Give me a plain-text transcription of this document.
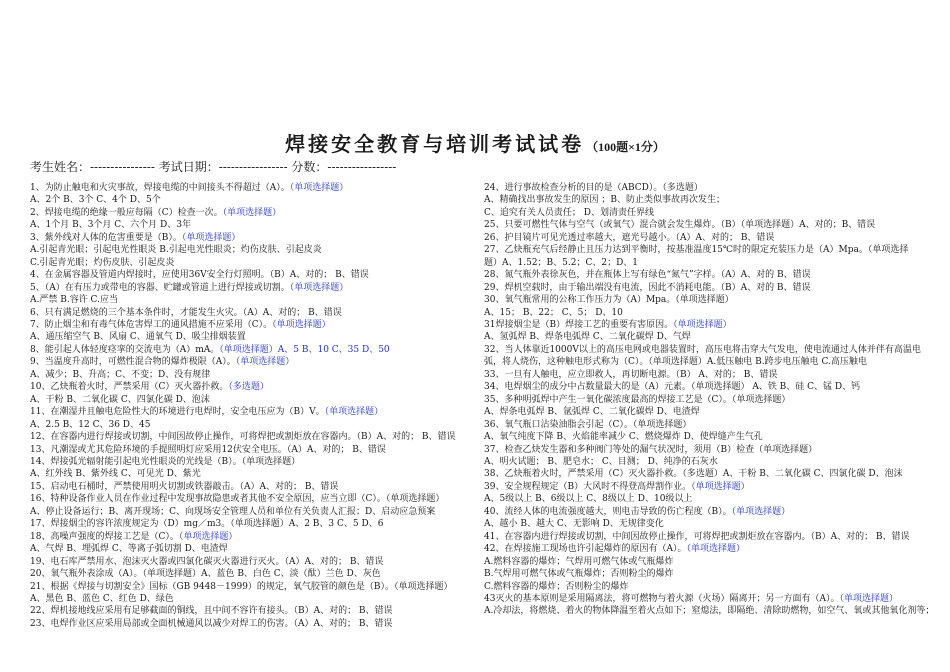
焊接安全教育与培训考试试卷 （100题×1分）
考生姓名：---------------- 考试日期：----------------- 分数：-----------------
1、为防止触电和火灾事故，焊接电缆的中间接头不得超过（A）。（单项选择题）
A、2个 B、3个 C、4个 D、5个
2、焊接电缆的绝缘一般应每隔（C）检查一次。（单项选择题）
A、1个月 B、3个月 C、六个月 D、3年
3、紫外线对人体的危害重要是（B）。（单项选择题）
A.引起青光眼；引起电光性眼炎 B.引起电光性眼炎；灼伤皮肤、引起皮炎
C.引起青光眼；灼伤皮肤、引起皮炎
4、在金属容器及管道内焊接时，应使用36V安全行灯照明。（B）A、对的； B、错误
5、（A）在有压力或带电的容器、贮罐或管道上进行焊接或切割。（单项选择题）
A.严禁 B.容许 C.应当
6、只有满足燃烧的三个基本条件时，才能发生火灾。（A）A、对的； B、错误
7、防止烟尘和有毒气体危害焊工的通风措施不应采用（C）。（单项选择题）
A、通压缩空气 B、风扇 C、通氧气 D、吸尘排烟装置
8、能引起人体轻度痉挛的交流电为（A）mA。（单项选择题）A、5 B、10 C、35 D、50
9、当温度升高时，可燃性混合物的爆炸极限（A）。（单项选择题）
A、减少；B、升高；C、不变；D、没有规律
10、乙炔瓶着火时，严禁采用（C）灭火器扑救。（多选题）
A、干粉 B、二氧化碳 C、四氯化碳 D、泡沫
11、在潮湿并且触电危险性大的环境进行电焊时，安全电压应为（B）V。（单项选择题）
A、2.5 B、12 C、36 D、45
12、在容器内进行焊接或切割，中间因故停止操作，可将焊把或割炬放在容器内。（B）A、对的； B、错误
13、凡潮湿或尤其危险环境的手提照明灯应采用12伏安全电压。（A）A、对的； B、错误
14、焊接弧光辐射能引起电光性眼炎的光线是（B）。（单项选择题）
A、红外线 B、紫外线 C、可见光 D、紫光
15、启动电石桶时，严禁使用明火切割或铁器敲击。（A）A、对的； B、错误
16、特种设备作业人员在作业过程中发现事故隐患或者其他不安全原因，应当立即（C）。（单项选择题）
A、停止设备运行；B、离开现场；C、向现场安全管理人员和单位有关负责人汇报；D、启动应急预案
17、焊接烟尘的容许浓度规定为（D）mg／m3。（单项选择题）A、2 B、3 C、5 D、6
18、高噪声强度的焊接工艺是（C）。（单项选择题）
A、气焊 B、埋弧焊 C、等离子弧切割 D、电渣焊
19、电石库严禁用水、泡沫灭火器或四氯化碳灭火器进行灭火。（A）A、对的； B、错误
20、氧气瓶外表涂成（A）。（单项选择题）A、蓝色 B、白色 C、淡（酞）兰色 D、灰色
21、根据《焊接与切割安全》国标（GB 9448－1999）的规定，氧气胶管的颜色是（B）。（单项选择题）
A、黑色 B、蓝色 C、红色 D、绿色
22、焊机接地线应采用有足够截面的铜线，且中间不容许有接头。（B）A、对的； B、错误
23、电焊作业区应采用局部或全面机械通风以减少对焊工的伤害。（A）A、对的； B、错误
24、进行事故检查分析的目的是（ABCD）。（多选题）
A、精确找出事故发生的原因 ；B、防止类似事故再次发生；
C、追究有关人员责任； D、划清责任界线
25、只要可燃性气体与空气（或氧气）混合就会发生爆炸。（B）（单项选择题）A、对的；B、错误
26、护目镜片可见光透过率越大，遮光号越小。（A）A、对的； B、错误
27、乙炔瓶充气后经静止且压力达到平衡时，按基准温度15℃时的限定充装压力是（A）Mpa。（单项选择
题）A、1.52；B、5.2；C、2；D、1
28、氮气瓶外表徐灰色，并在瓶体上写有绿色“氮气”字样。（A）A、对的 B、错误
29、焊机空载时，由于输出端没有电流，因此不消耗电能。（B）A、对的 B、错误
30、氧气瓶常用的公称工作压力为（A）Mpa。（单项选择题）
A、15； B、22； C、5； D、10
31焊接烟尘是（B）焊接工艺的重要有害原因。（单项选择题）
A、氢弧焊 B、焊条电弧焊 C、二氧化碳焊 D、气焊
32、当人体靠近1000V以上的高压电网或电器装置时，高压电将击穿大气发电，使电流通过人体并伴有高温电
弧，将人烧伤，这种触电形式称为（C）。（单项选择题）A.低压触电 B.跨步电压触电 C.高压触电
33、一旦有人触电，应立即救人，再切断电源。（B） A、对的； B、错误
34、电焊烟尘的成分中占数量最大的是（A）元素。（单项选择题） A、铁 B、硅 C、锰 D、钙
35、多种明弧焊中产生一氧化碳浓度最高的焊接工艺是（C）。（单项选择题）
A、焊条电弧焊 B、氩弧焊 C、二氧化碳焊 D、电渣焊
36、氧气瓶口沾染油脂会引起（C）。（单项选择题）
A、氧气纯度下降 B、火焰能率减少 C、燃烧爆炸 D、使焊缝产生气孔
37、检查乙炔发生器和多种阀门等处的漏气状况时，须用（B）检查（单项选择题）
A、明火试题； B、肥皂水； C、目测； D、纯净的石灰水
38、乙炔瓶着火时，严禁采用（C）灭火器扑救。（多选题）A、干粉 B、二氧化碳 C、四氯化碳 D、泡沫
39、安全规程规定（B）大风时不得登高焊割作业。（单项选择题）
A、5级以上 B、6级以上 C、8级以上 D、10级以上
40、流经人体的电流强度越大，则电击导致的伤亡程度（B）。（单项选择题）
A、越小 B、越大 C、无影响 D、无规律变化
41、在容器内进行焊接或切割，中间因故停止操作，可将焊把或割炬放在容器内。（B）A、对的； B、错误
42、在焊接施工现场也许引起爆炸的原因有（A）。（单项选择题）
A.燃料容器的爆炸；气焊用可燃气体或气瓶爆炸
B.气焊用可燃气体或气瓶爆炸；否则粉尘的爆炸
C.燃料容器的爆炸；否则粉尘的爆炸
43灭火的基本原则是采用隔离法，将可燃物与着火源（火场）隔离开；另一方面有（A）。（单项选择题）
A.冷却法，将燃烧、着火的物体降温至着火点如下；窒熄法，即隔绝、清除助燃物，如空气、氧或其他氧化剂等；
